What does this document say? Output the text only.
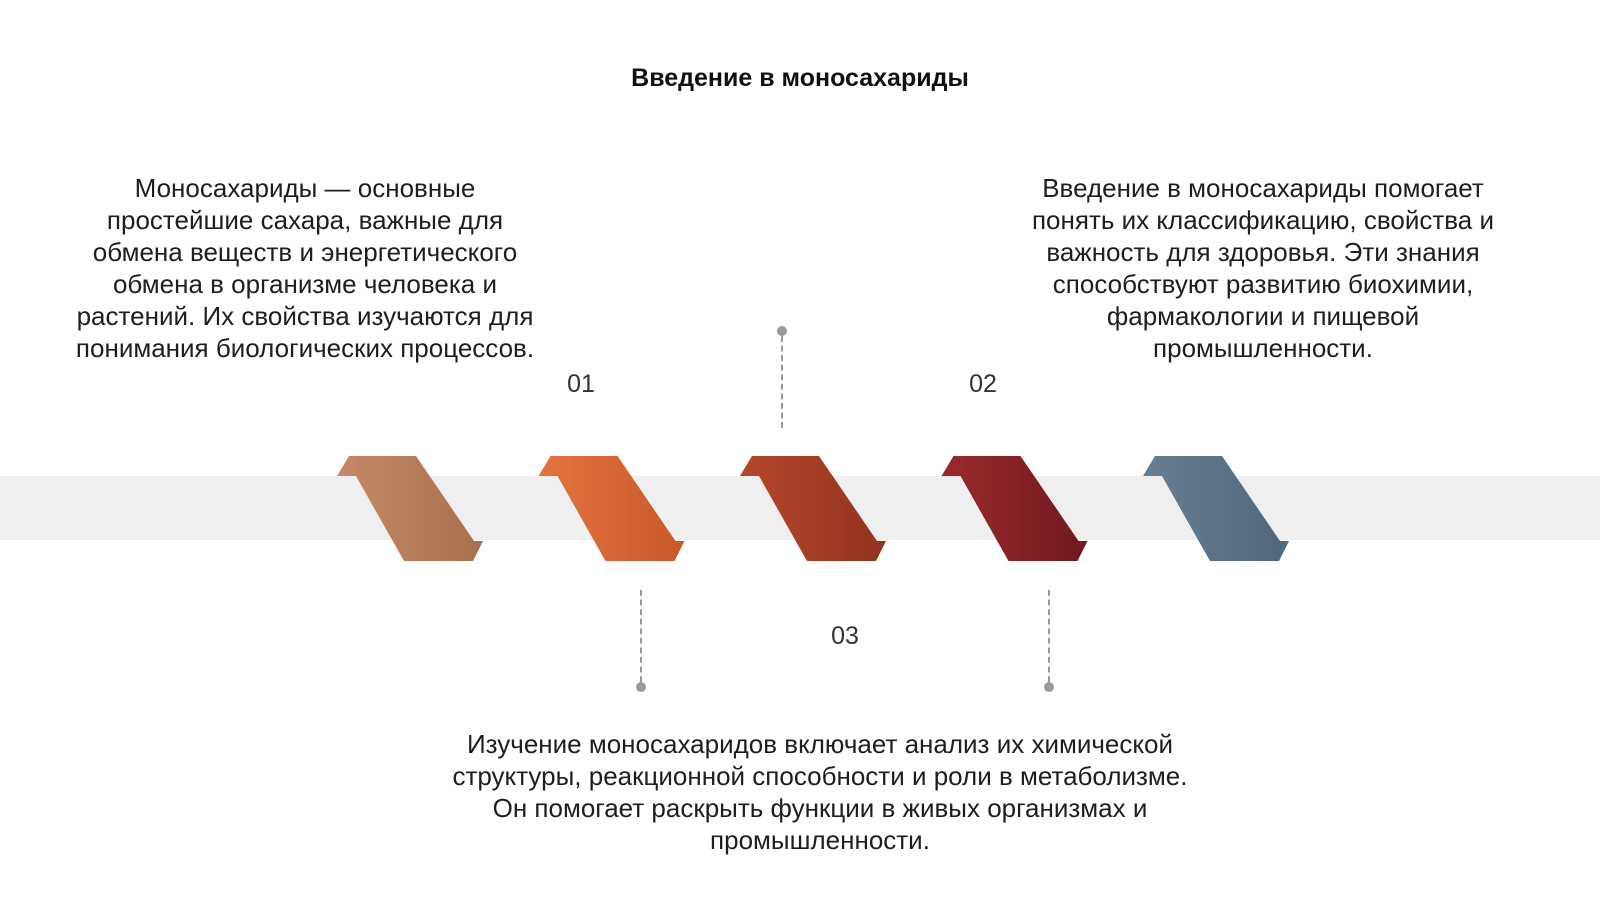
Введение в моносахариды

Моносахариды — основные простейшие сахара, важные для обмена веществ и энергетического обмена в организме человека и растений. Их свойства изучаются для понимания биологических процессов.

Введение в моносахариды помогает понять их классификацию, свойства и важность для здоровья. Эти знания способствуют развитию биохимии, фармакологии и пищевой промышленности.

Изучение моносахаридов включает анализ их химической структуры, реакционной способности и роли в метаболизме. Он помогает раскрыть функции в живых организмах и промышленности.

01	02
03
